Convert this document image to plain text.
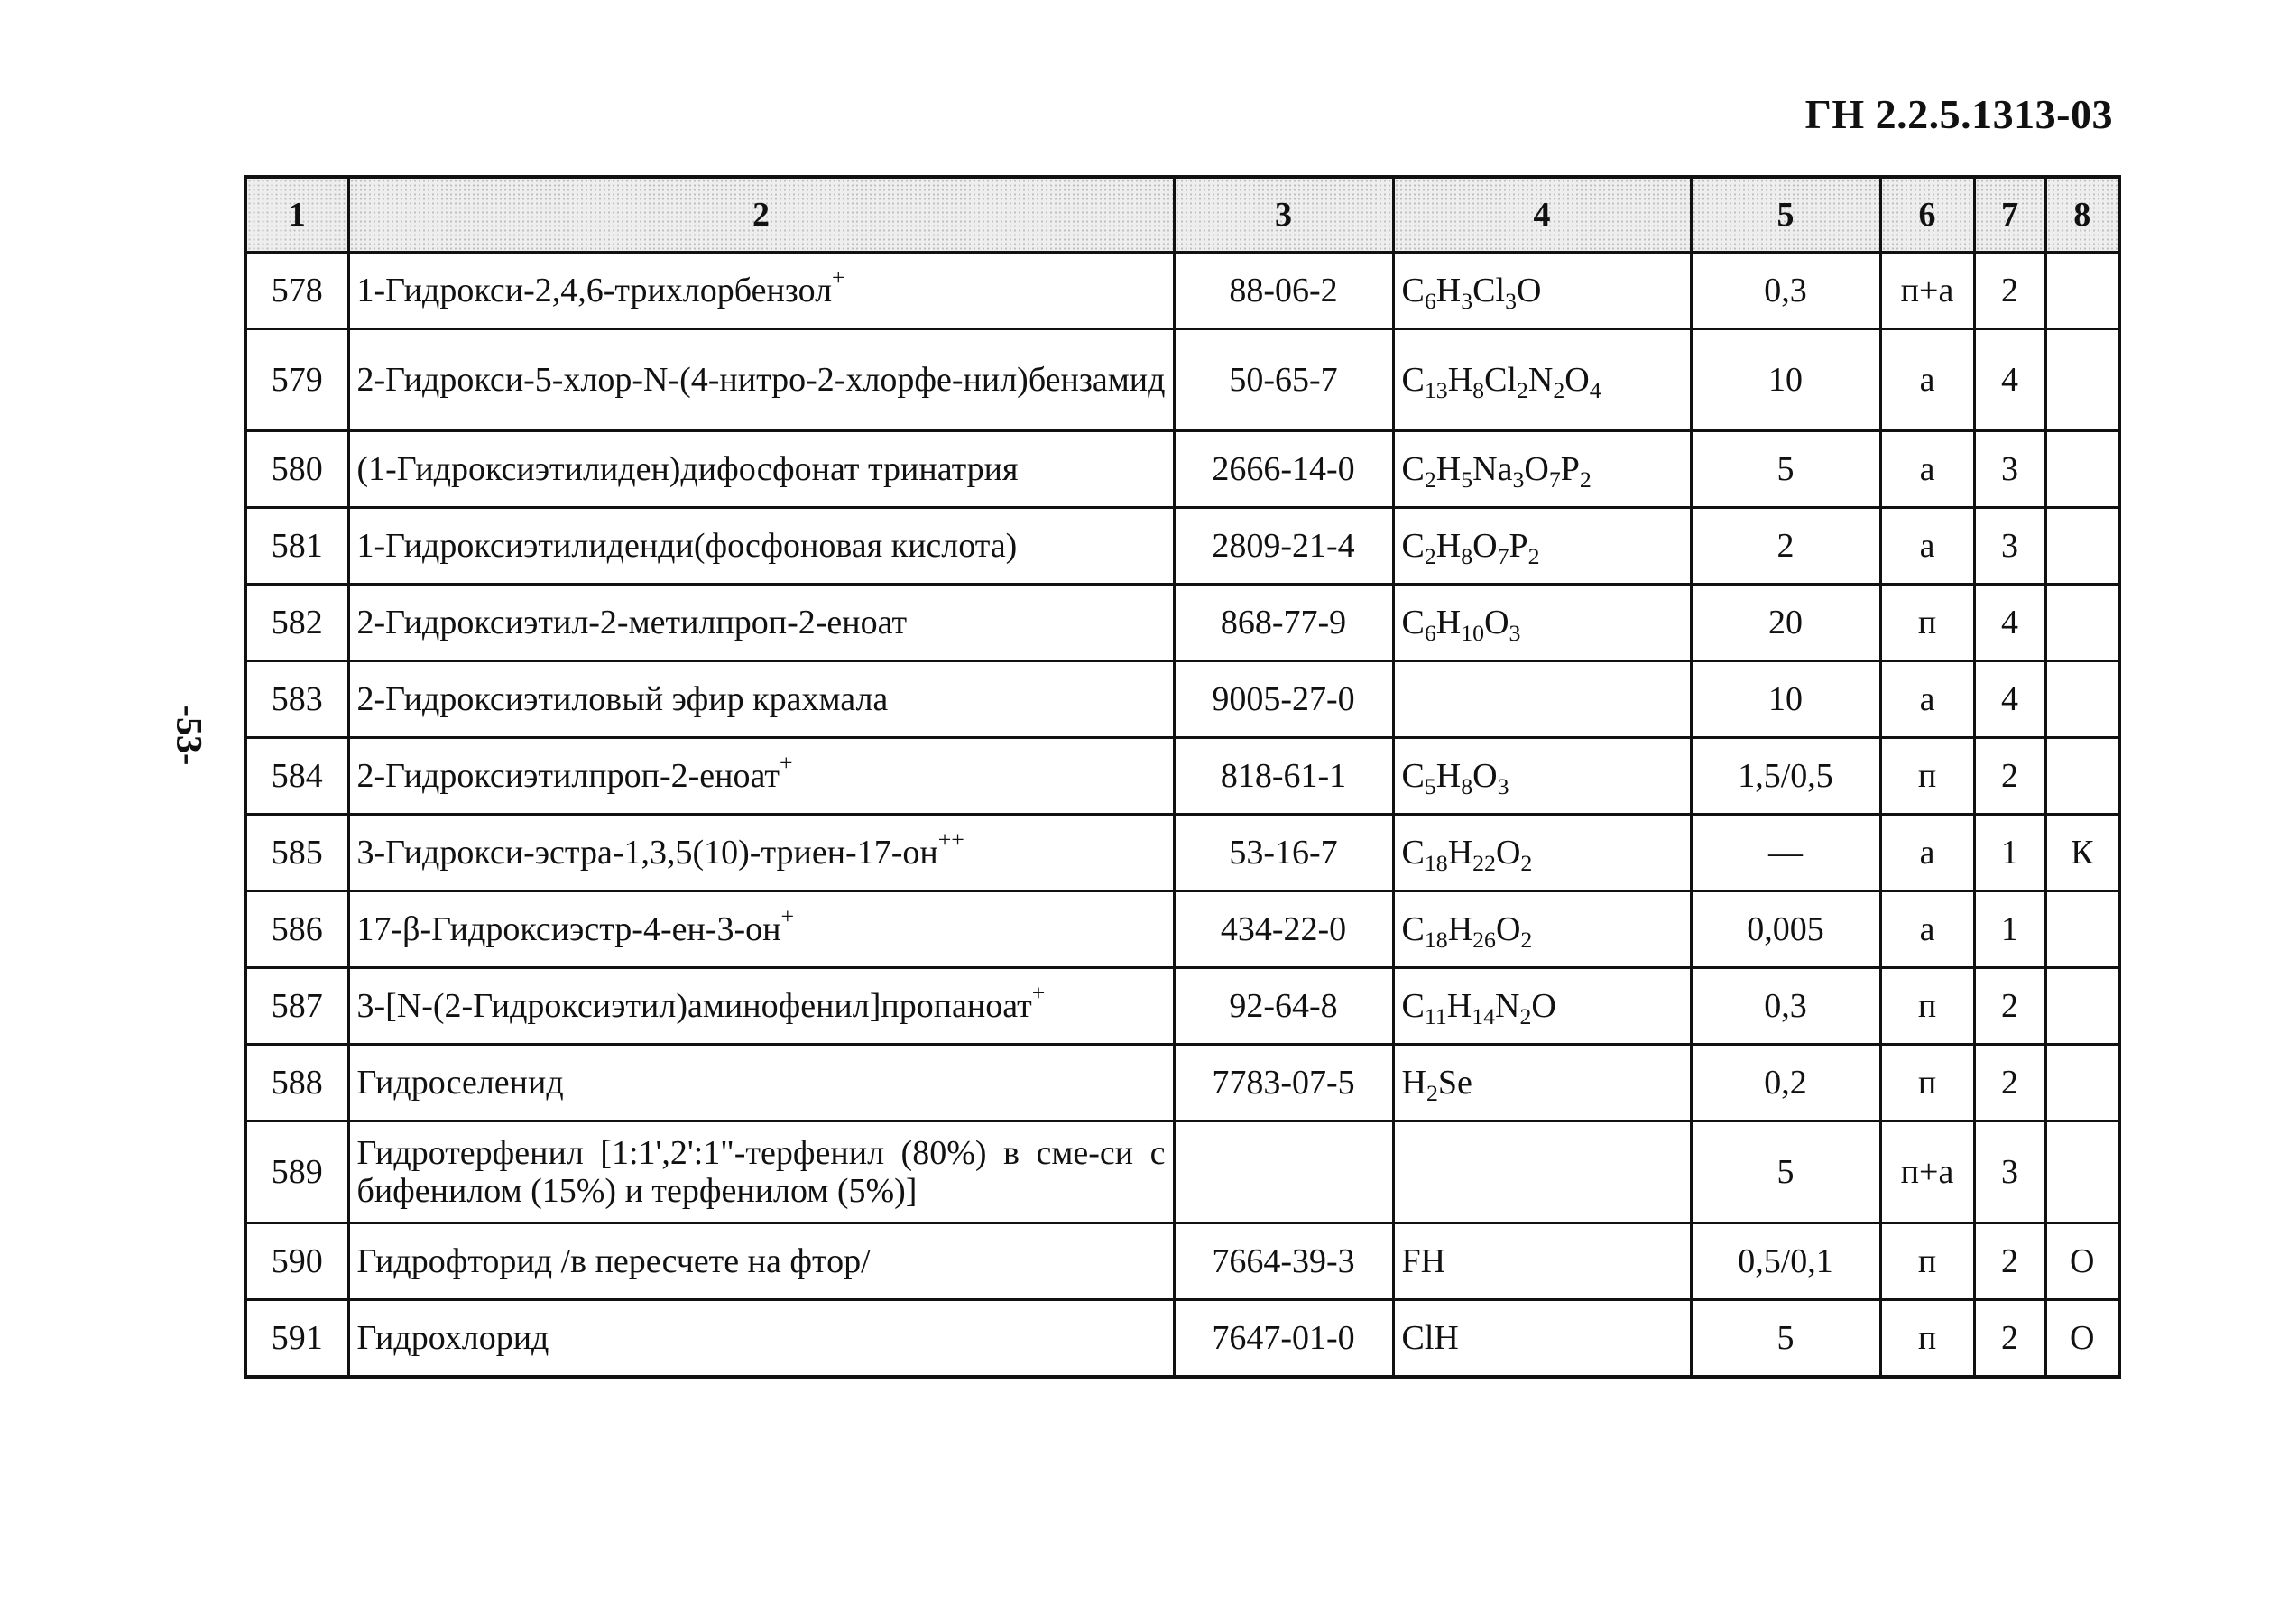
ГН 2.2.5.1313-03
-53-
1	2	3	4	5	6	7	8
578	1-Гидрокси-2,4,6-трихлорбензол+	88-06-2	$C_6H_3Cl_3O$	0,3	п+а	2	
579	2-Гидрокси-5-хлор-N-(4-нитро-2-хлорфе-нил)бензамид	50-65-7	$C_{13}H_8Cl_2N_2O_4$	10	а	4	
580	(1-Гидроксиэтилиден)дифосфонат тринатрия	2666-14-0	$C_2H_5Na_3O_7P_2$	5	а	3	
581	1-Гидроксиэтилиденди(фосфоновая кислота)	2809-21-4	$C_2H_8O_7P_2$	2	а	3	
582	2-Гидроксиэтил-2-метилпроп-2-еноат	868-77-9	$C_6H_{10}O_3$	20	п	4	
583	2-Гидроксиэтиловый эфир крахмала	9005-27-0		10	а	4	
584	2-Гидроксиэтилпроп-2-еноат+	818-61-1	$C_5H_8O_3$	1,5/0,5	п	2	
585	3-Гидрокси-эстра-1,3,5(10)-триен-17-он++	53-16-7	$C_{18}H_{22}O_2$	—	а	1	К
586	17-β-Гидроксиэстр-4-ен-3-он+	434-22-0	$C_{18}H_{26}O_2$	0,005	а	1	
587	3-[N-(2-Гидроксиэтил)аминофенил]пропаноат+	92-64-8	$C_{11}H_{14}N_2O$	0,3	п	2	
588	Гидроселенид	7783-07-5	$H_2Se$	0,2	п	2	
589	Гидротерфенил [1:1',2':1"-терфенил (80%) в сме-си с бифенилом (15%) и терфенилом (5%)]			5	п+а	3	
590	Гидрофторид /в пересчете на фтор/	7664-39-3	FH	0,5/0,1	п	2	О
591	Гидрохлорид	7647-01-0	ClH	5	п	2	О
